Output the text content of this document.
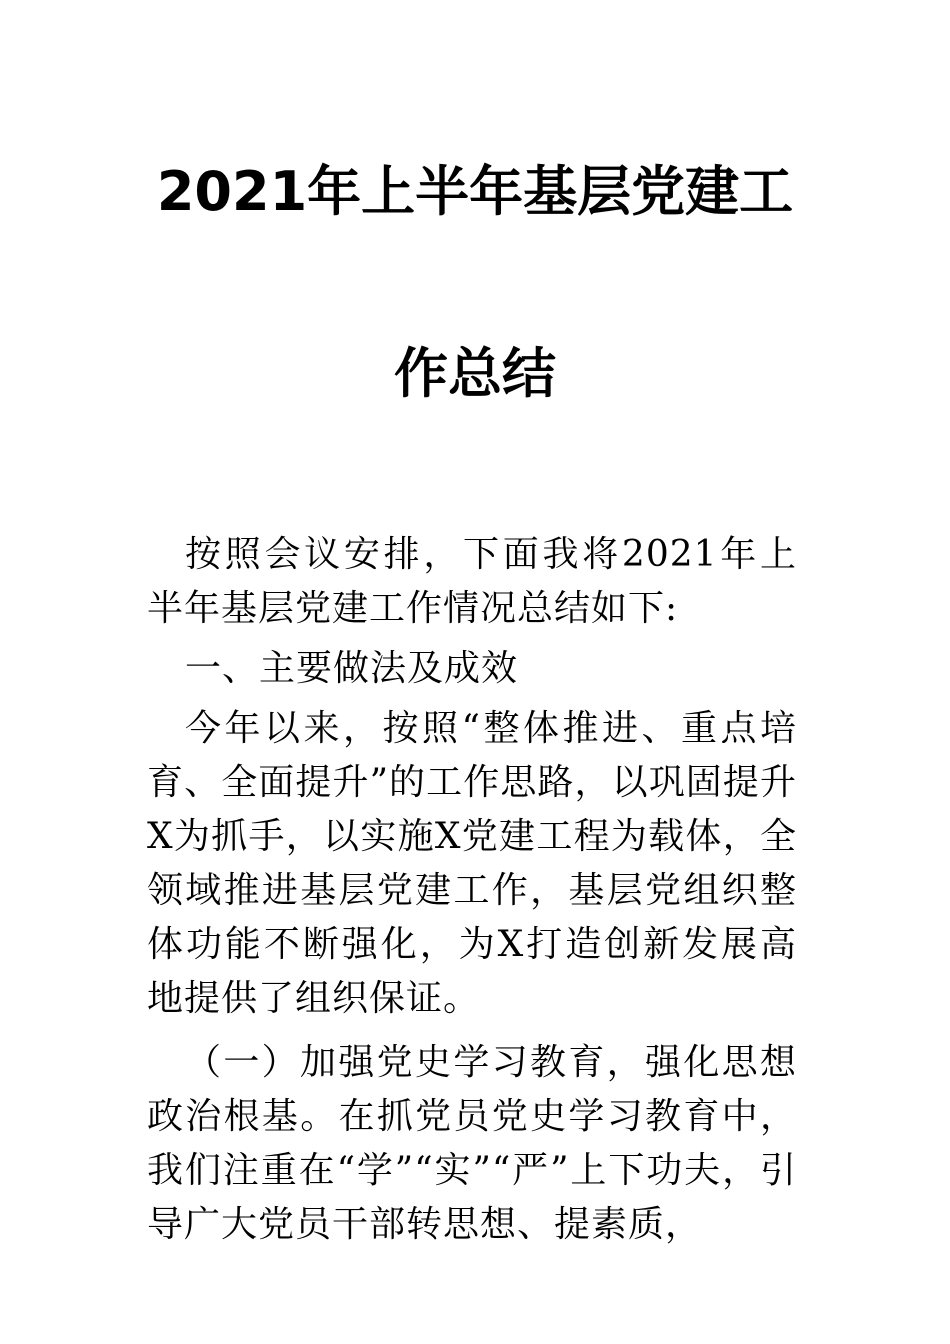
2021年上半年基层党建工
作总结

按照会议安排，下面我将2021年上半年基层党建工作情况总结如下:

一、主要做法及成效

今年以来，按照“整体推进、重点培育、全面提升”的工作思路，以巩固提升X为抓手，以实施X党建工程为载体，全领域推进基层党建工作，基层党组织整体功能不断强化，为X打造创新发展高地提供了组织保证。

（一）加强党史学习教育，强化思想政治根基。在抓党员党史学习教育中，我们注重在“学”“实”“严”上下功夫，引导广大党员干部转思想、提素质，
